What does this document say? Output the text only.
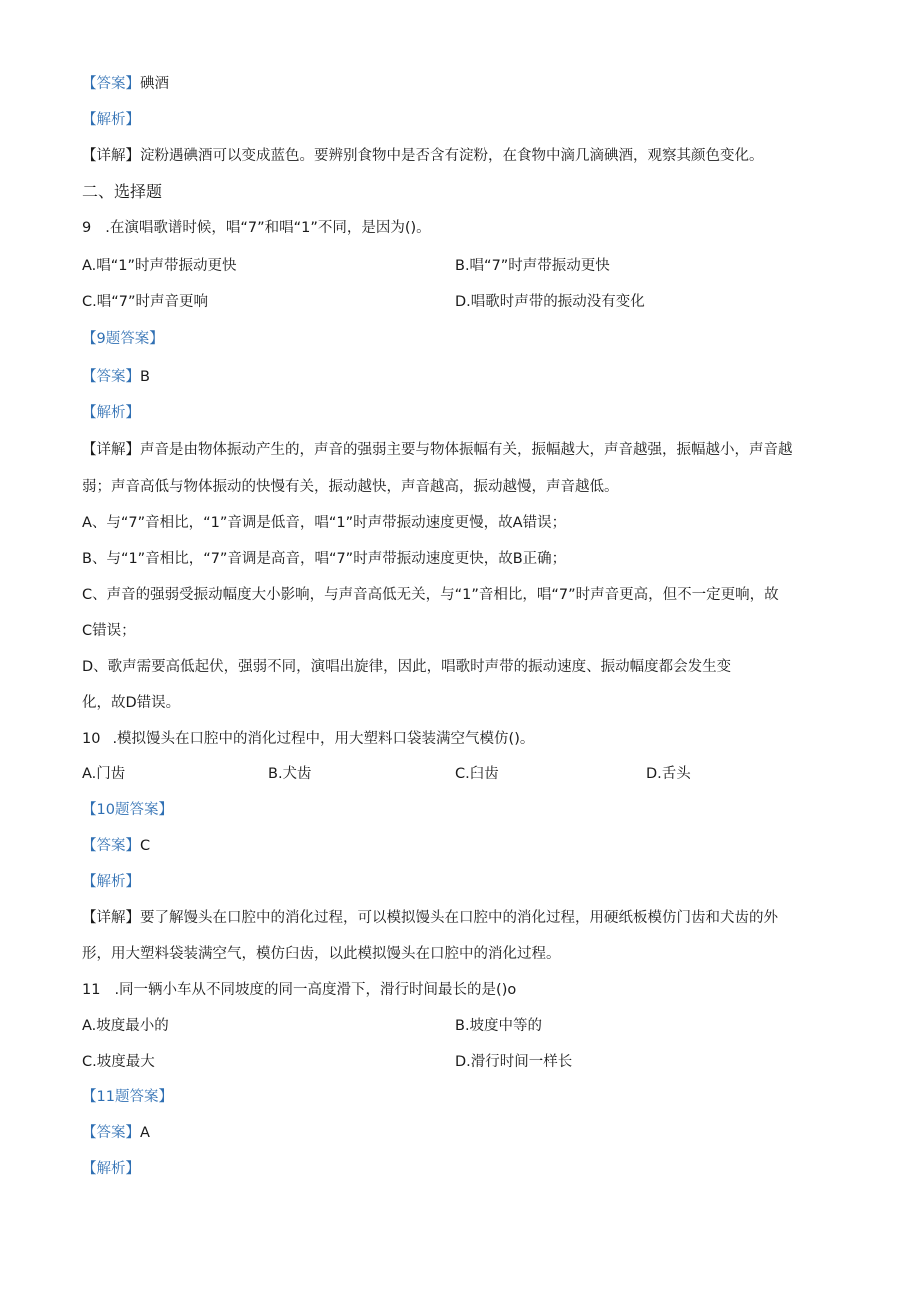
【答案】碘酒
【解析】
【详解】淀粉遇碘酒可以变成蓝色。要辨别食物中是否含有淀粉，在食物中滴几滴碘酒，观察其颜色变化。
二、选择题
9 .在演唱歌谱时候，唱“7”和唱“1”不同，是因为()。
A.唱“1”时声带振动更快	B.唱“7”时声带振动更快
C.唱“7”时声音更响	D.唱歌时声带的振动没有变化
【9题答案】
【答案】B
【解析】
【详解】声音是由物体振动产生的，声音的强弱主要与物体振幅有关，振幅越大，声音越强，振幅越小，声音越
弱；声音高低与物体振动的快慢有关，振动越快，声音越高，振动越慢，声音越低。
A、与“7”音相比，“1”音调是低音，唱“1”时声带振动速度更慢，故A错误；
B、与“1”音相比，“7”音调是高音，唱“7”时声带振动速度更快，故B正确；
C、声音的强弱受振动幅度大小影响，与声音高低无关，与“1”音相比，唱“7”时声音更高，但不一定更响，故
C错误；
D、歌声需要高低起伏，强弱不同，演唱出旋律，因此，唱歌时声带的振动速度、振动幅度都会发生变
化，故D错误。
10 .模拟馒头在口腔中的消化过程中，用大塑料口袋装满空气模仿()。
A.门齿	B.犬齿	C.臼齿	D.舌头
【10题答案】
【答案】C
【解析】
【详解】要了解馒头在口腔中的消化过程，可以模拟馒头在口腔中的消化过程，用硬纸板模仿门齿和犬齿的外
形，用大塑料袋装满空气，模仿臼齿，以此模拟馒头在口腔中的消化过程。
11 .同一辆小车从不同坡度的同一高度滑下，滑行时间最长的是()o
A.坡度最小的	B.坡度中等的
C.坡度最大	D.滑行时间一样长
【11题答案】
【答案】A
【解析】
